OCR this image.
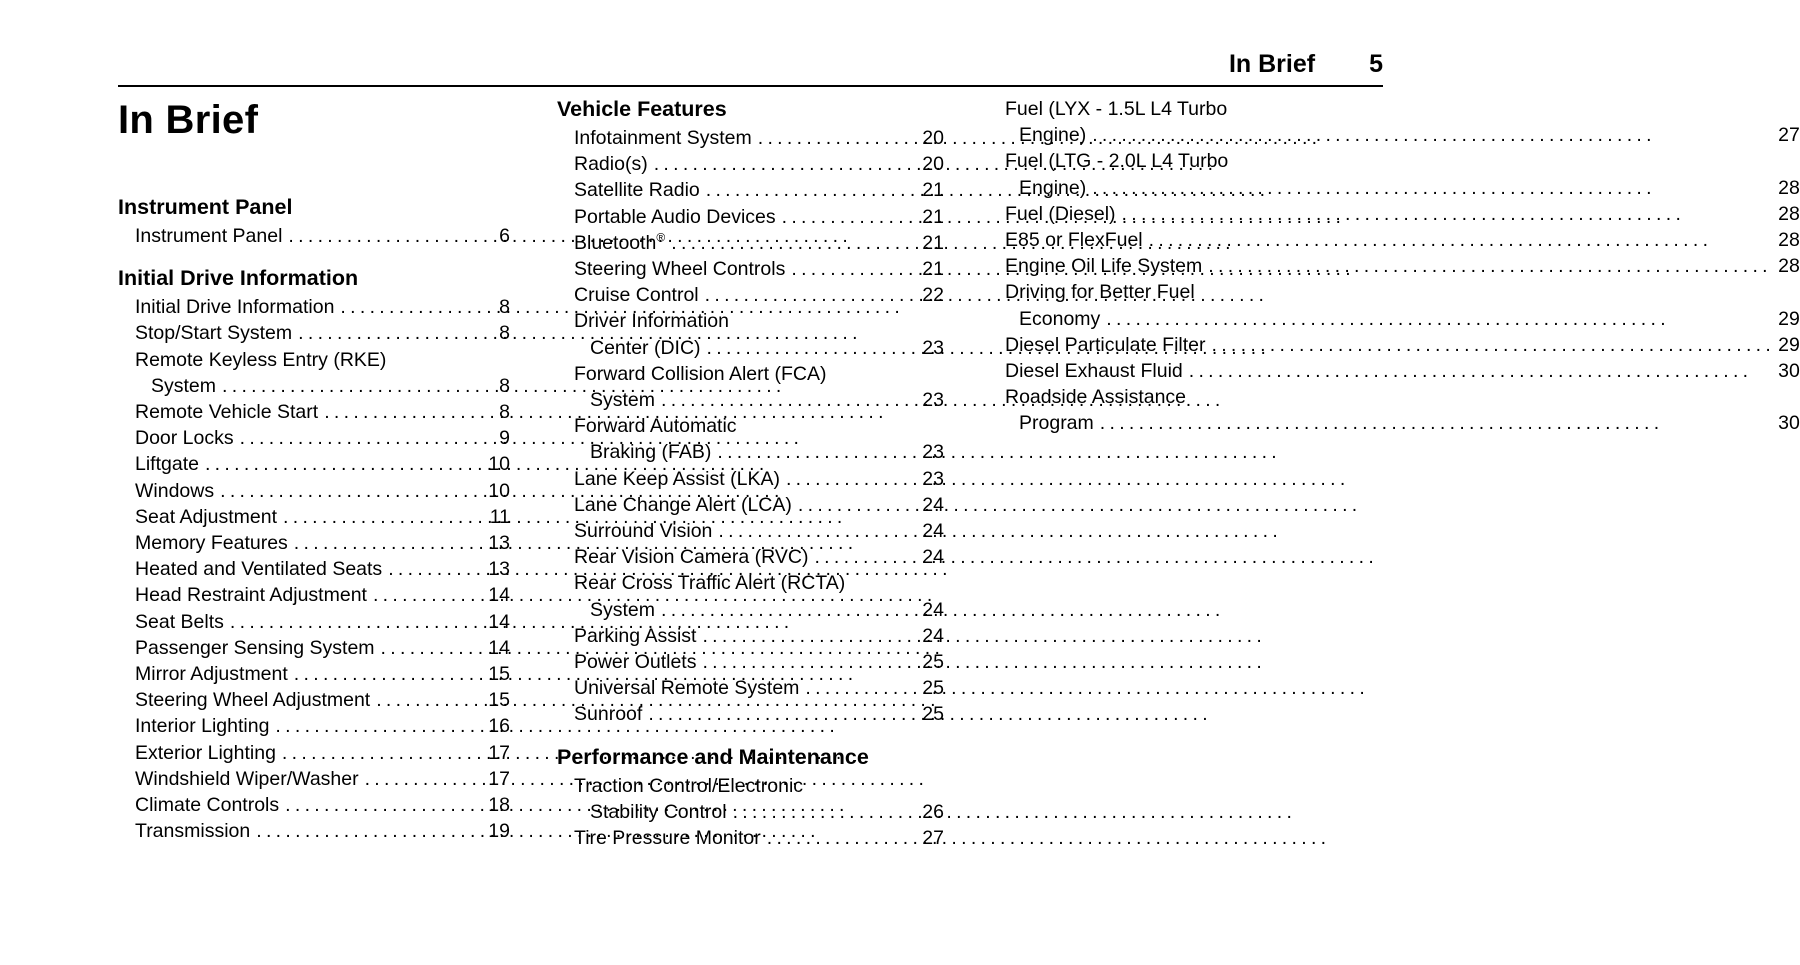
In Brief 5
In Brief
Instrument Panel
Instrument Panel .....	6
Initial Drive Information
Initial Drive Information .....	8
Stop/Start System .....	8
Remote Keyless Entry (RKE)
System .....	8
Remote Vehicle Start .....	8
Door Locks .....	9
Liftgate .....	10
Windows .....	10
Seat Adjustment .....	11
Memory Features .....	13
Heated and Ventilated Seats .....	13
Head Restraint Adjustment .....	14
Seat Belts .....	14
Passenger Sensing System .....	14
Mirror Adjustment .....	15
Steering Wheel Adjustment .....	15
Interior Lighting .....	16
Exterior Lighting .....	17
Windshield Wiper/Washer .....	17
Climate Controls .....	18
Transmission .....	19
Vehicle Features
Infotainment System .....	20
Radio(s) .....	20
Satellite Radio .....	21
Portable Audio Devices .....	21
Bluetooth® .....	21
Steering Wheel Controls .....	21
Cruise Control .....	22
Driver Information
Center (DIC) .....	23
Forward Collision Alert (FCA)
System .....	23
Forward Automatic
Braking (FAB) .....	23
Lane Keep Assist (LKA) .....	23
Lane Change Alert (LCA) .....	24
Surround Vision .....	24
Rear Vision Camera (RVC) .....	24
Rear Cross Traffic Alert (RCTA)
System .....	24
Parking Assist .....	24
Power Outlets .....	25
Universal Remote System .....	25
Sunroof .....	25
Performance and Maintenance
Traction Control/Electronic
Stability Control .....	26
Tire Pressure Monitor .....	27
Fuel (LYX - 1.5L L4 Turbo
Engine) .....	27
Fuel (LTG - 2.0L L4 Turbo
Engine) .....	28
Fuel (Diesel) .....	28
E85 or FlexFuel .....	28
Engine Oil Life System .....	28
Driving for Better Fuel
Economy .....	29
Diesel Particulate Filter .....	29
Diesel Exhaust Fluid .....	30
Roadside Assistance
Program .....	30
